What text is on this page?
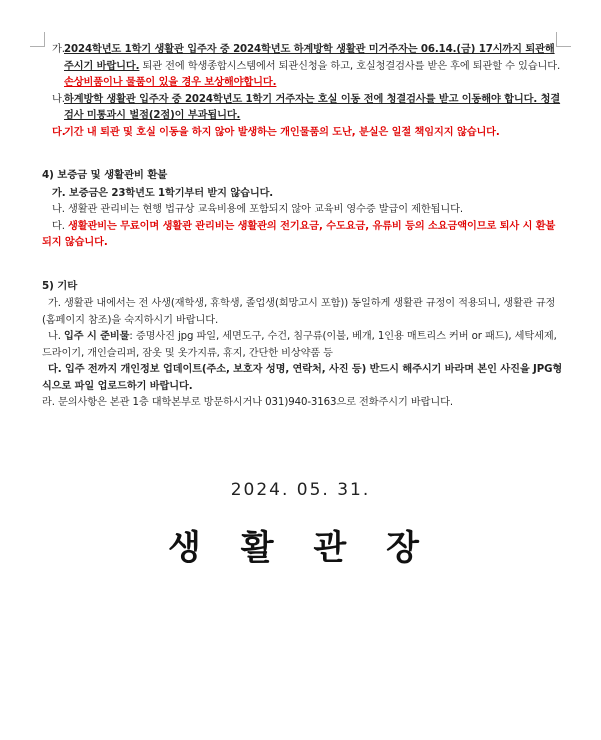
가. 2024학년도 1학기 생활관 입주자 중 2024학년도 하계방학 생활관 미거주자는 06.14.(금) 17시까지 퇴관해주시기 바랍니다. 퇴관 전에 학생종합시스템에서 퇴관신청을 하고, 호실청결검사를 받은 후에 퇴관할 수 있습니다. 손상비품이나 물품이 있을 경우 보상해야합니다.

나. 하계방학 생활관 입주자 중 2024학년도 1학기 거주자는 호실 이동 전에 청결검사를 받고 이동해야 합니다. 청결검사 미통과시 벌점(2점)이 부과됩니다.

다.
기간 내 퇴관 및 호실 이동을 하지 않아 발생하는 개인물품의 도난, 분실은 일절 책임지지 않습니다.

4) 보증금 및 생활관비 환불

가. 보증금은 23학년도 1학기부터 받지 않습니다.

나. 생활관 관리비는 현행 법규상 교육비용에 포함되지 않아 교육비 영수증 발급이 제한됩니다.

다. 생활관비는 무료이며 생활관 관리비는 생활관의 전기요금, 수도요금, 유류비 등의 소요금액이므로 퇴사 시 환불되지 않습니다.

5) 기타

가. 생활관 내에서는 전 사생(재학생, 휴학생, 졸업생(희망고시 포함)) 동일하게 생활관 규정이 적용되니, 생활관 규정(홈페이지 참조)을 숙지하시기 바랍니다.

나. 입주 시 준비물: 증명사진 jpg 파일, 세면도구, 수건, 침구류(이불, 베개, 1인용 매트리스 커버 or 패드), 세탁세제, 드라이기, 개인슬리퍼, 잠옷 및 옷가지류, 휴지, 간단한 비상약품 등

다. 입주 전까지 개인정보 업데이트(주소, 보호자 성명, 연락처, 사진 등) 반드시 해주시기 바라며 본인 사진을 JPG형식으로 파일 업로드하기 바랍니다.

라. 문의사항은 본관 1층 대학본부로 방문하시거나 031)940-3163으로 전화주시기 바랍니다.

2024. 05. 31.
생 활 관 장
